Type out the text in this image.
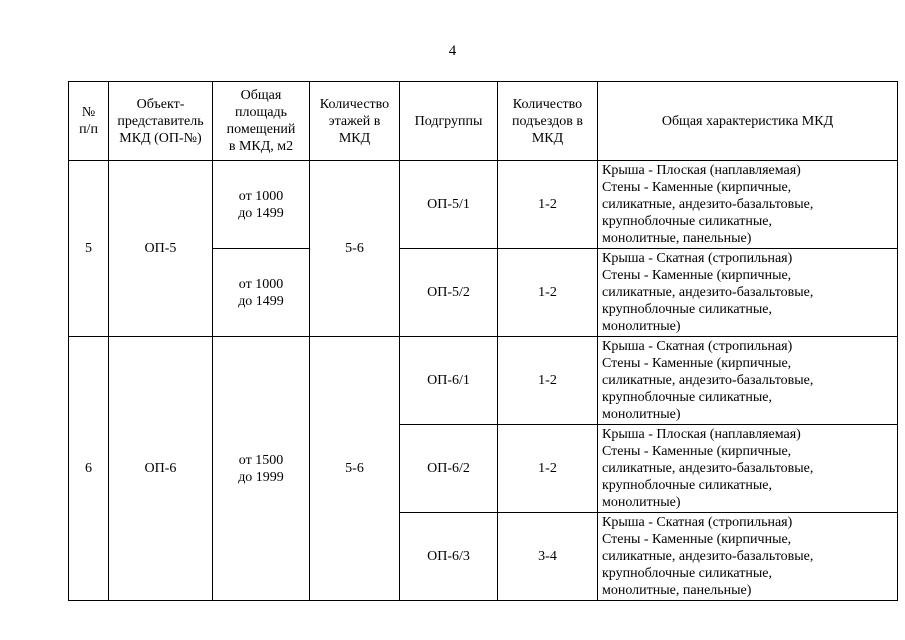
4
№
п/п	Объект-
представитель
МКД (ОП-№)	Общая
площадь
помещений
в МКД, м2	Количество
этажей в
МКД	Подгруппы	Количество
подъездов в
МКД	Общая характеристика МКД
5	ОП-5	от 1000
до 1499	5-6	ОП-5/1	1-2	Крыша - Плоская (наплавляемая)
Стены - Каменные (кирпичные,
силикатные, андезито-базальтовые,
крупноблочные силикатные,
монолитные, панельные)

		от 1000
до 1499		ОП-5/2	1-2	Крыша - Скатная (стропильная)
Стены - Каменные (кирпичные,
силикатные, андезито-базальтовые,
крупноблочные силикатные,
монолитные)

6	ОП-6	от 1500
до 1999	5-6	ОП-6/1	1-2	Крыша - Скатная (стропильная)
Стены - Каменные (кирпичные,
силикатные, андезито-базальтовые,
крупноблочные силикатные,
монолитные)

				ОП-6/2	1-2	Крыша - Плоская (наплавляемая)
Стены - Каменные (кирпичные,
силикатные, андезито-базальтовые,
крупноблочные силикатные,
монолитные)

				ОП-6/3	3-4	Крыша - Скатная (стропильная)
Стены - Каменные (кирпичные,
силикатные, андезито-базальтовые,
крупноблочные силикатные,
монолитные, панельные)
